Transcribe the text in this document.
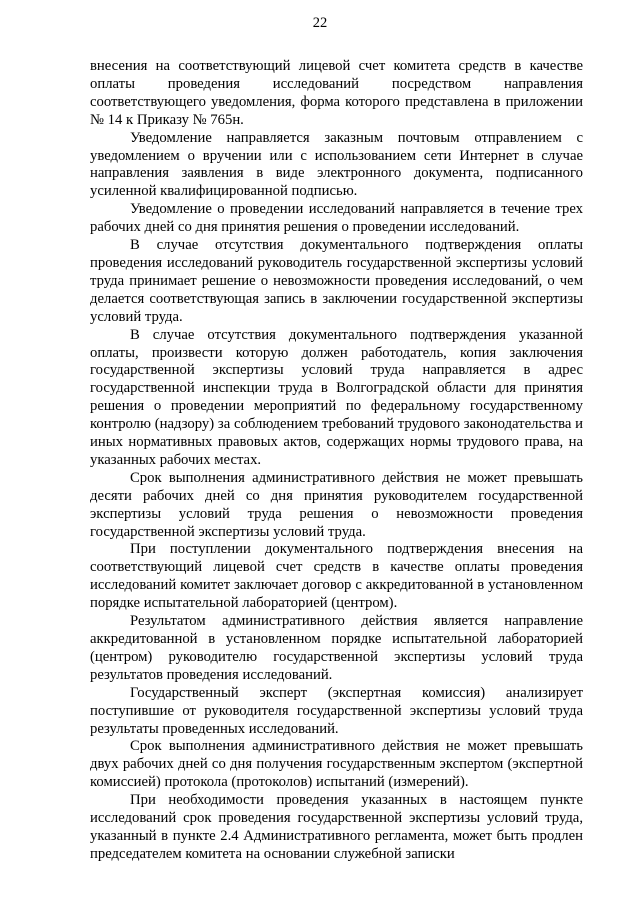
22

внесения на соответствующий лицевой счет комитета средств в качестве оплаты проведения исследований посредством направления соответствующего уведомления, форма которого представлена в приложении № 14 к Приказу № 765н.

Уведомление направляется заказным почтовым отправлением с уведомлением о вручении или с использованием сети Интернет в случае направления заявления в виде электронного документа, подписанного усиленной квалифицированной подписью.

Уведомление о проведении исследований направляется в течение трех рабочих дней со дня принятия решения о проведении исследований.

В случае отсутствия документального подтверждения оплаты проведения исследований руководитель государственной экспертизы условий труда принимает решение о невозможности проведения исследований, о чем делается соответствующая запись в заключении государственной экспертизы условий труда.

В случае отсутствия документального подтверждения указанной оплаты, произвести которую должен работодатель, копия заключения государственной экспертизы условий труда направляется в адрес государственной инспекции труда в Волгоградской области для принятия решения о проведении мероприятий по федеральному государственному контролю (надзору) за соблюдением требований трудового законодательства и иных нормативных правовых актов, содержащих нормы трудового права, на указанных рабочих местах.

Срок выполнения административного действия не может превышать десяти рабочих дней со дня принятия руководителем государственной экспертизы условий труда решения о невозможности проведения государственной экспертизы условий труда.

При поступлении документального подтверждения внесения на соответствующий лицевой счет средств в качестве оплаты проведения исследований комитет заключает договор с аккредитованной в установленном порядке испытательной лабораторией (центром).

Результатом административного действия является направление аккредитованной в установленном порядке испытательной лабораторией (центром) руководителю государственной экспертизы условий труда результатов проведения исследований.

Государственный эксперт (экспертная комиссия) анализирует поступившие от руководителя государственной экспертизы условий труда результаты проведенных исследований.

Срок выполнения административного действия не может превышать двух рабочих дней со дня получения государственным экспертом (экспертной комиссией) протокола (протоколов) испытаний (измерений).

При необходимости проведения указанных в настоящем пункте исследований срок проведения государственной экспертизы условий труда, указанный в пункте 2.4 Административного регламента, может быть продлен председателем комитета на основании служебной записки
